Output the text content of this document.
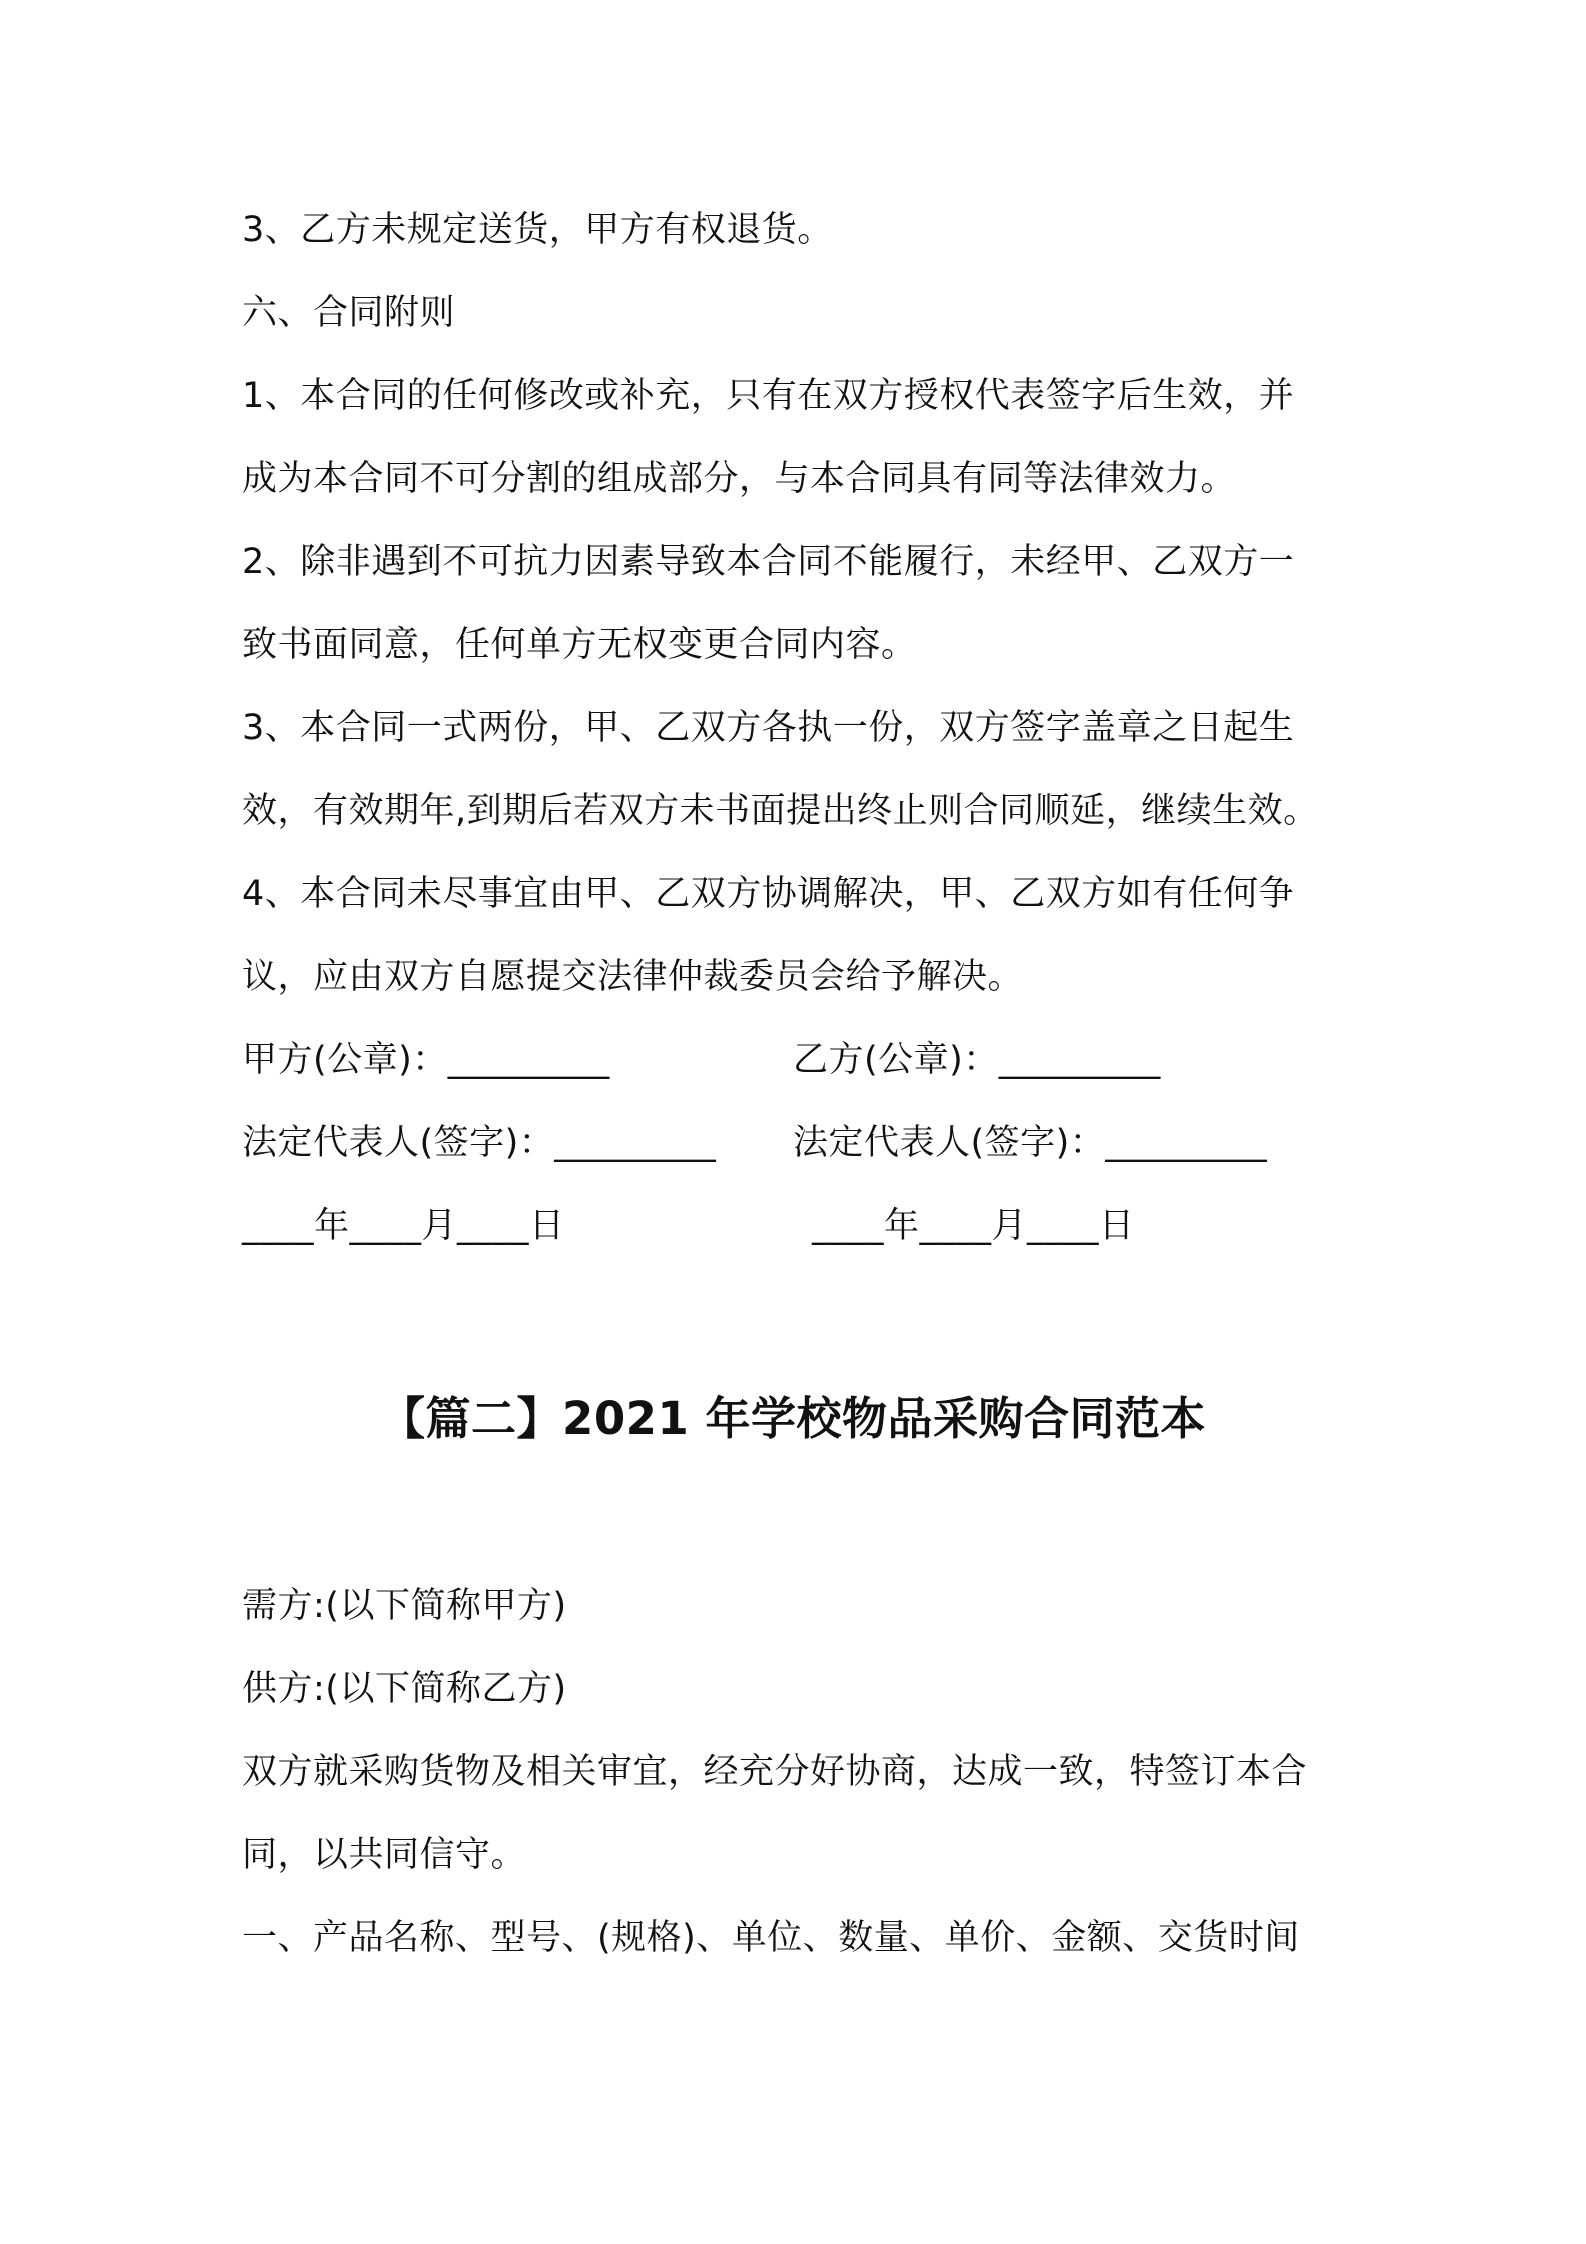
3、乙方未规定送货，甲方有权退货。
六、合同附则
1、本合同的任何修改或补充，只有在双方授权代表签字后生效，并
成为本合同不可分割的组成部分，与本合同具有同等法律效力。
2、除非遇到不可抗力因素导致本合同不能履行，未经甲、乙双方一
致书面同意，任何单方无权变更合同内容。
3、本合同一式两份，甲、乙双方各执一份，双方签字盖章之日起生
效，有效期年,到期后若双方未书面提出终止则合同顺延，继续生效。
4、本合同未尽事宜由甲、乙双方协调解决，甲、乙双方如有任何争
议，应由双方自愿提交法律仲裁委员会给予解决。
甲方(公章)：_________	乙方(公章)：_________
法定代表人(签字)：_________ 法定代表人(签字)：_________
____年____月____日	____年____月____日
【篇二】2021 年学校物品采购合同范本
需方:(以下简称甲方)
供方:(以下简称乙方)
双方就采购货物及相关审宜，经充分好协商，达成一致，特签订本合
同，以共同信守。
一、产品名称、型号、(规格)、单位、数量、单价、金额、交货时间
